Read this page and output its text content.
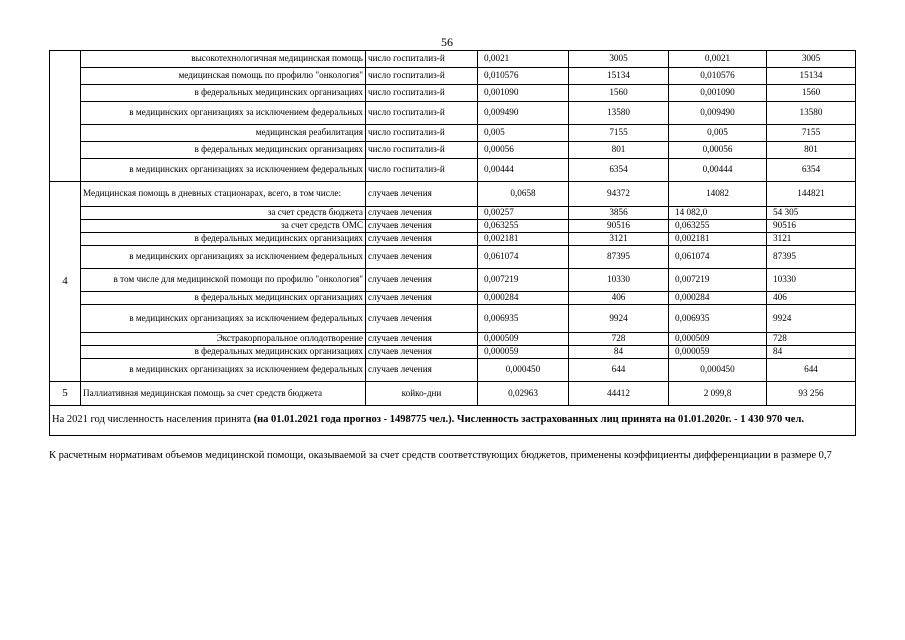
56
	высокотехнологичная медицинская помощь	число госпитализ-й	0,0021	3005	0,0021	3005
	медицинская помощь по профилю "онкология"	число госпитализ-й	0,010576	15134	0,010576	15134
	в федеральных медицинских организациях	число госпитализ-й	0,001090	1560	0,001090	1560
	в медицинских организациях за исключением федеральных	число госпитализ-й	0,009490	13580	0,009490	13580
	медицинская реабилитация	число госпитализ-й	0,005	7155	0,005	7155
	в федеральных медицинских организациях	число госпитализ-й	0,00056	801	0,00056	801
	в медицинских организациях за исключением федеральных	число госпитализ-й	0,00444	6354	0,00444	6354
4	Медицинская помощь в дневных стационарах, всего, в том числе:	случаев лечения	0,0658	94372	14082	144821
	за счет средств бюджета	случаев лечения	0,00257	3856	14 082,0	54 305
	за счет средств ОМС	случаев лечения	0,063255	90516	0,063255	90516
	в федеральных медицинских организациях	случаев лечения	0,002181	3121	0,002181	3121
	в медицинских организациях за исключением федеральных	случаев лечения	0,061074	87395	0,061074	87395
	в том числе для медицинской помощи по профилю "онкология"	случаев лечения	0,007219	10330	0,007219	10330
	в федеральных медицинских организациях	случаев лечения	0,000284	406	0,000284	406
	в медицинских организациях за исключением федеральных	случаев лечения	0,006935	9924	0,006935	9924
	Экстракорпоральное оплодотворение	случаев лечения	0,000509	728	0,000509	728
	в федеральных медицинских организациях	случаев лечения	0,000059	84	0,000059	84
	в медицинских организациях за исключением федеральных	случаев лечения	0,000450	644	0,000450	644
5	Паллиативная медицинская помощь за счет средств бюджета	койко-дни	0,02963	44412	2 099,8	93 256
На 2021 год численность населения принята (на 01.01.2021 года прогноз - 1498775 чел.). Численность застрахованных лиц принята на 01.01.2020г. - 1 430 970 чел.						
К расчетным нормативам объемов медицинской помощи, оказываемой за счет средств соответствующих бюджетов, применены коэффициенты дифференциации в размере 0,7
